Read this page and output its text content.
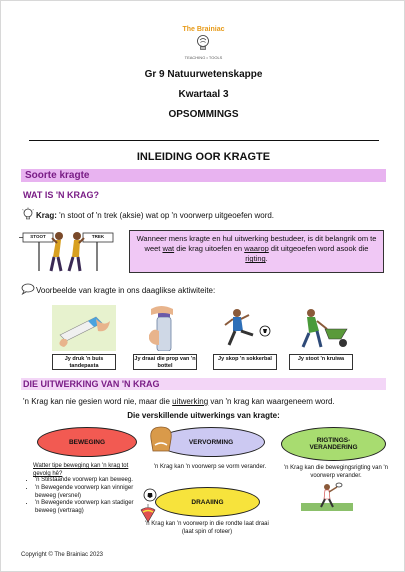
The Brainiac
TEACHING • TOOLS
Gr 9 Natuurwetenskappe
Kwartaal 3
OPSOMMINGS
INLEIDING OOR KRAGTE
Soorte kragte
WAT IS 'N KRAG?
Krag: 'n stoot of 'n trek (aksie) wat op 'n voorwerp uitgeoefen word.
STOOT	TREK	Wanneer mens kragte en hul uitwerking bestudeer, is dit belangrik om te weet wat die krag uitoefen en waarop dit uitgeoefen word asook die rigting.
Voorbeelde van kragte in ons daaglikse aktiwiteite:
Jy druk 'n buis tandepasta
Jy draai die prop van 'n bottel
Jy skop 'n sokkerbal	Jy stoot 'n kruiwa
DIE UITWERKING VAN 'N KRAG
'n Krag kan nie gesien word nie, maar die uitwerking van 'n krag kan waargeneem word.
Die verskillende uitwerkings van kragte:
BEWEGING	VERVORMING	RIGTINGS-
VERANDERING
Watter tipe beweging kan 'n krag tot gevolg hê?
• 'n Stilstaande voorwerp kan beweeg.
• 'n Bewegende voorwerp kan vinniger beweeg (versnel)
• 'n Bewegende voorwerp kan stadiger beweeg (vertraag)
'n Krag kan 'n voorwerp se vorm verander.	'n Krag kan die bewegingsrigting van 'n voorwerp verander.
DRAAIING
'n Krag kan 'n voorwerp in die rondte laat draai (laat spin of roteer)
Copyright © The Brainiac 2023
